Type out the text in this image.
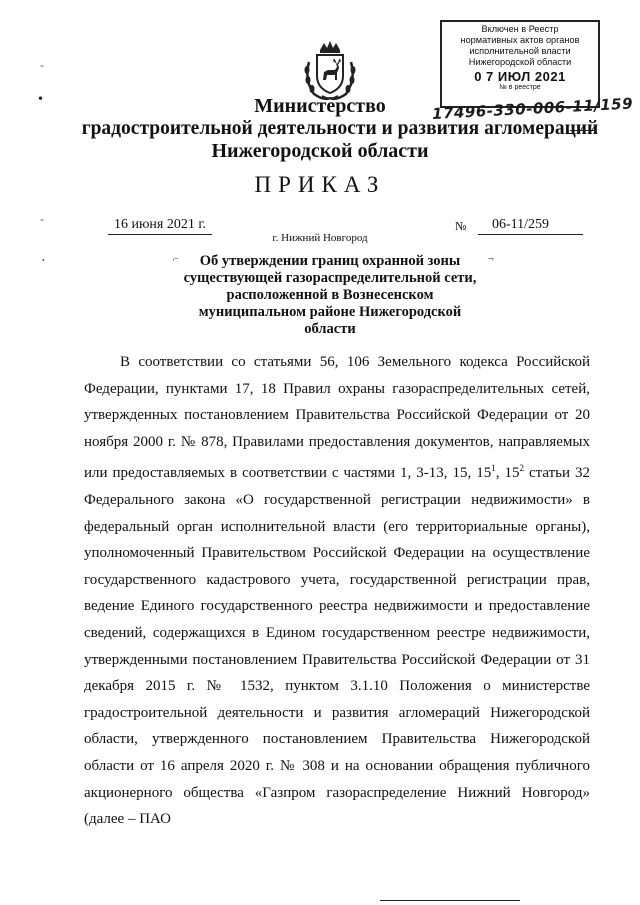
Включен в Реестр
нормативных актов органов
исполнительной власти
Нижегородской области
0 7 ИЮЛ 2021
№ в реестре
17496-330-006-11/159
Министерство
градостроительной деятельности и развития агломераций
Нижегородской области
ПРИКАЗ
16 июня 2021 г.	№	06-11/259
г. Нижний Новгород
⌐	¬
Об утверждении границ охранной зоны существующей газораспределительной сети, расположенной в Вознесенском муниципальном районе Нижегородской области
-
•
-
•

В соответствии со статьями 56, 106 Земельного кодекса Российской Федерации, пунктами 17, 18 Правил охраны газораспределительных сетей, утвержденных постановлением Правительства Российской Федерации от 20 ноября 2000 г. № 878, Правилами предоставления документов, направляемых или предоставляемых в соответствии с частями 1, 3-13, 15, $15^1$, $15^2$ статьи 32 Федерального закона «О государственной регистрации недвижимости» в федеральный орган исполнительной власти (его территориальные органы), уполномоченный Правительством Российской Федерации на осуществление государственного кадастрового учета, государственной регистрации прав, ведение Единого государственного реестра недвижимости и предоставление сведений, содержащихся в Едином государственном реестре недвижимости, утвержденными постановлением Правительства Российской Федерации от 31 декабря 2015 г. № 1532, пунктом 3.1.10 Положения о министерстве градостроительной деятельности и развития агломераций Нижегородской области, утвержденного постановлением Правительства Нижегородской области от 16 апреля 2020 г. № 308 и на основании обращения публичного акционерного общества «Газпром газораспределение Нижний Новгород» (далее – ПАО
